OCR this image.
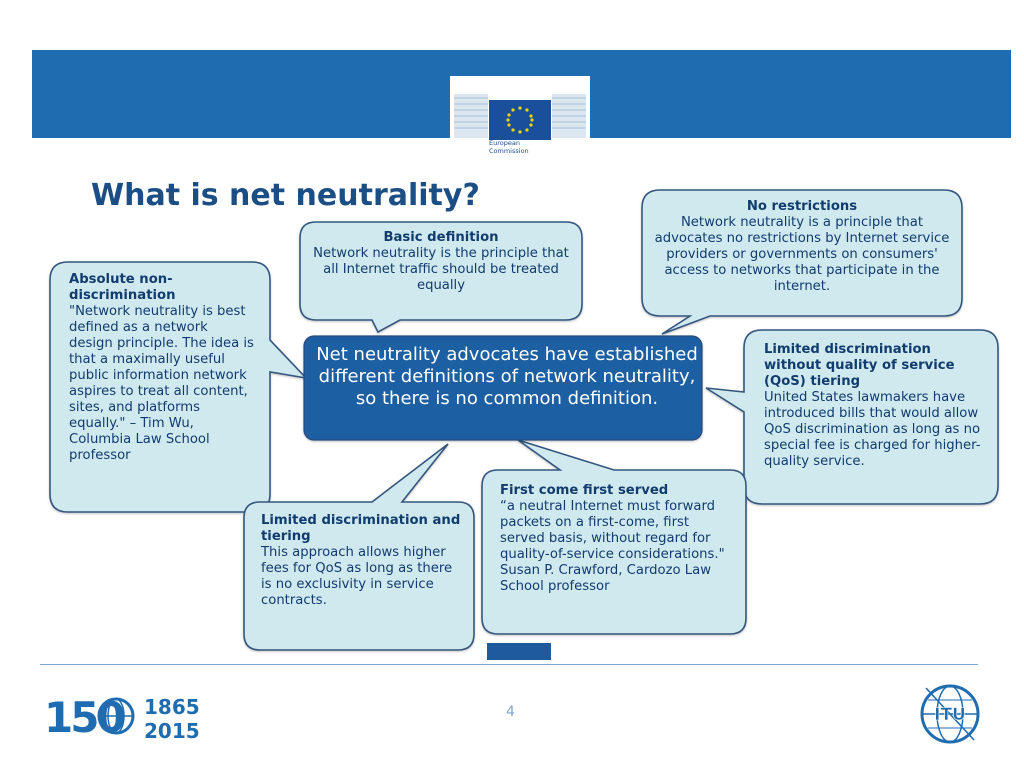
European
Commission
What is net neutrality?
Basic definition
Network neutrality is the principle that all Internet traffic should be treated equally
No restrictions
Network neutrality is a principle that advocates no restrictions by Internet service providers or governments on consumers' access to networks that participate in the internet.
Absolute non-discrimination
"Network neutrality is best defined as a network design principle. The idea is that a maximally useful public information network aspires to treat all content, sites, and platforms equally." – Tim Wu, Columbia Law School professor
Limited discrimination without quality of service (QoS) tiering
United States lawmakers have introduced bills that would allow QoS discrimination as long as no special fee is charged for higher-quality service.
Limited discrimination and tiering
This approach allows higher fees for QoS as long as there is no exclusivity in service contracts.
First come first served
“a neutral Internet must forward packets on a first-come, first served basis, without regard for quality-of-service considerations." Susan P. Crawford, Cardozo Law School professor
Net neutrality advocates have established different definitions of network neutrality, so there is no common definition.
150 1865
2015
4	ITU
